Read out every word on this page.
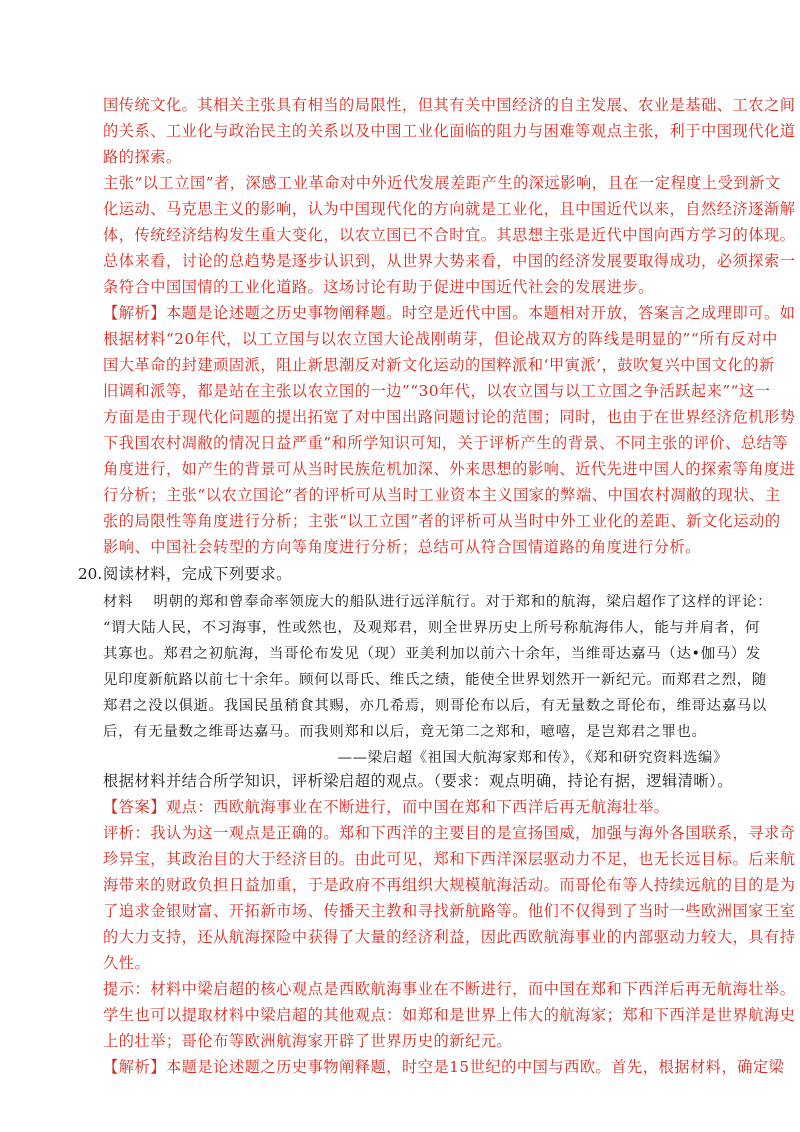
国传统文化。其相关主张具有相当的局限性，但其有关中国经济的自主发展、农业是基础、工农之间
的关系、工业化与政治民主的关系以及中国工业化面临的阻力与困难等观点主张，利于中国现代化道
路的探索。
主张“以工立国”者，深感工业革命对中外近代发展差距产生的深远影响，且在一定程度上受到新文
化运动、马克思主义的影响，认为中国现代化的方向就是工业化，且中国近代以来，自然经济逐渐解
体，传统经济结构发生重大变化，以农立国已不合时宜。其思想主张是近代中国向西方学习的体现。
总体来看，讨论的总趋势是逐步认识到，从世界大势来看，中国的经济发展要取得成功，必须探索一
条符合中国国情的工业化道路。这场讨论有助于促进中国近代社会的发展进步。
【解析】本题是论述题之历史事物阐释题。时空是近代中国。本题相对开放，答案言之成理即可。如
根据材料“20年代，以工立国与以农立国大论战刚萌芽，但论战双方的阵线是明显的”“所有反对中
国大革命的封建顽固派，阻止新思潮反对新文化运动的国粹派和‘甲寅派’，鼓吹复兴中国文化的新
旧调和派等，都是站在主张以农立国的一边”“30年代，以农立国与以工立国之争活跃起来”“这一
方面是由于现代化问题的提出拓宽了对中国出路问题讨论的范围；同时，也由于在世界经济危机形势
下我国农村凋敝的情况日益严重”和所学知识可知，关于评析产生的背景、不同主张的评价、总结等
角度进行，如产生的背景可从当时民族危机加深、外来思想的影响、近代先进中国人的探索等角度进
行分析；主张“以农立国论”者的评析可从当时工业资本主义国家的弊端、中国农村凋敝的现状、主
张的局限性等角度进行分析；主张“以工立国”者的评析可从当时中外工业化的差距、新文化运动的
影响、中国社会转型的方向等角度进行分析；总结可从符合国情道路的角度进行分析。
20. 阅读材料，完成下列要求。
材料　 明朝的郑和曾奉命率领庞大的船队进行远洋航行。对于郑和的航海，梁启超作了这样的评论：
“谓大陆人民，不习海事，性或然也，及观郑君，则全世界历史上所号称航海伟人，能与并肩者，何
其寡也。郑君之初航海，当哥伦布发见（现）亚美利加以前六十余年，当维哥达嘉马（达•伽马）发
见印度新航路以前七十余年。顾何以哥氏、维氏之绩，能使全世界划然开一新纪元。而郑君之烈，随
郑君之没以俱逝。我国民虽稍食其赐，亦几希焉，则哥伦布以后，有无量数之哥伦布，维哥达嘉马以
后，有无量数之维哥达嘉马。而我则郑和以后，竟无第二之郑和，噫嘻，是岂郑君之罪也。
——梁启超《祖国大航海家郑和传》，《郑和研究资料选编》
根据材料并结合所学知识，评析梁启超的观点。（要求：观点明确，持论有据，逻辑清晰）。
【答案】观点：西欧航海事业在不断进行，而中国在郑和下西洋后再无航海壮举。
评析：我认为这一观点是正确的。郑和下西洋的主要目的是宣扬国威，加强与海外各国联系，寻求奇
珍异宝，其政治目的大于经济目的。由此可见，郑和下西洋深层驱动力不足，也无长远目标。后来航
海带来的财政负担日益加重，于是政府不再组织大规模航海活动。而哥伦布等人持续远航的目的是为
了追求金银财富、开拓新市场、传播天主教和寻找新航路等。他们不仅得到了当时一些欧洲国家王室
的大力支持，还从航海探险中获得了大量的经济利益，因此西欧航海事业的内部驱动力较大，具有持
久性。
提示：材料中梁启超的核心观点是西欧航海事业在不断进行，而中国在郑和下西洋后再无航海壮举。
学生也可以提取材料中梁启超的其他观点：如郑和是世界上伟大的航海家；郑和下西洋是世界航海史
上的壮举；哥伦布等欧洲航海家开辟了世界历史的新纪元。
【解析】本题是论述题之历史事物阐释题，时空是15世纪的中国与西欧。首先，根据材料，确定梁
